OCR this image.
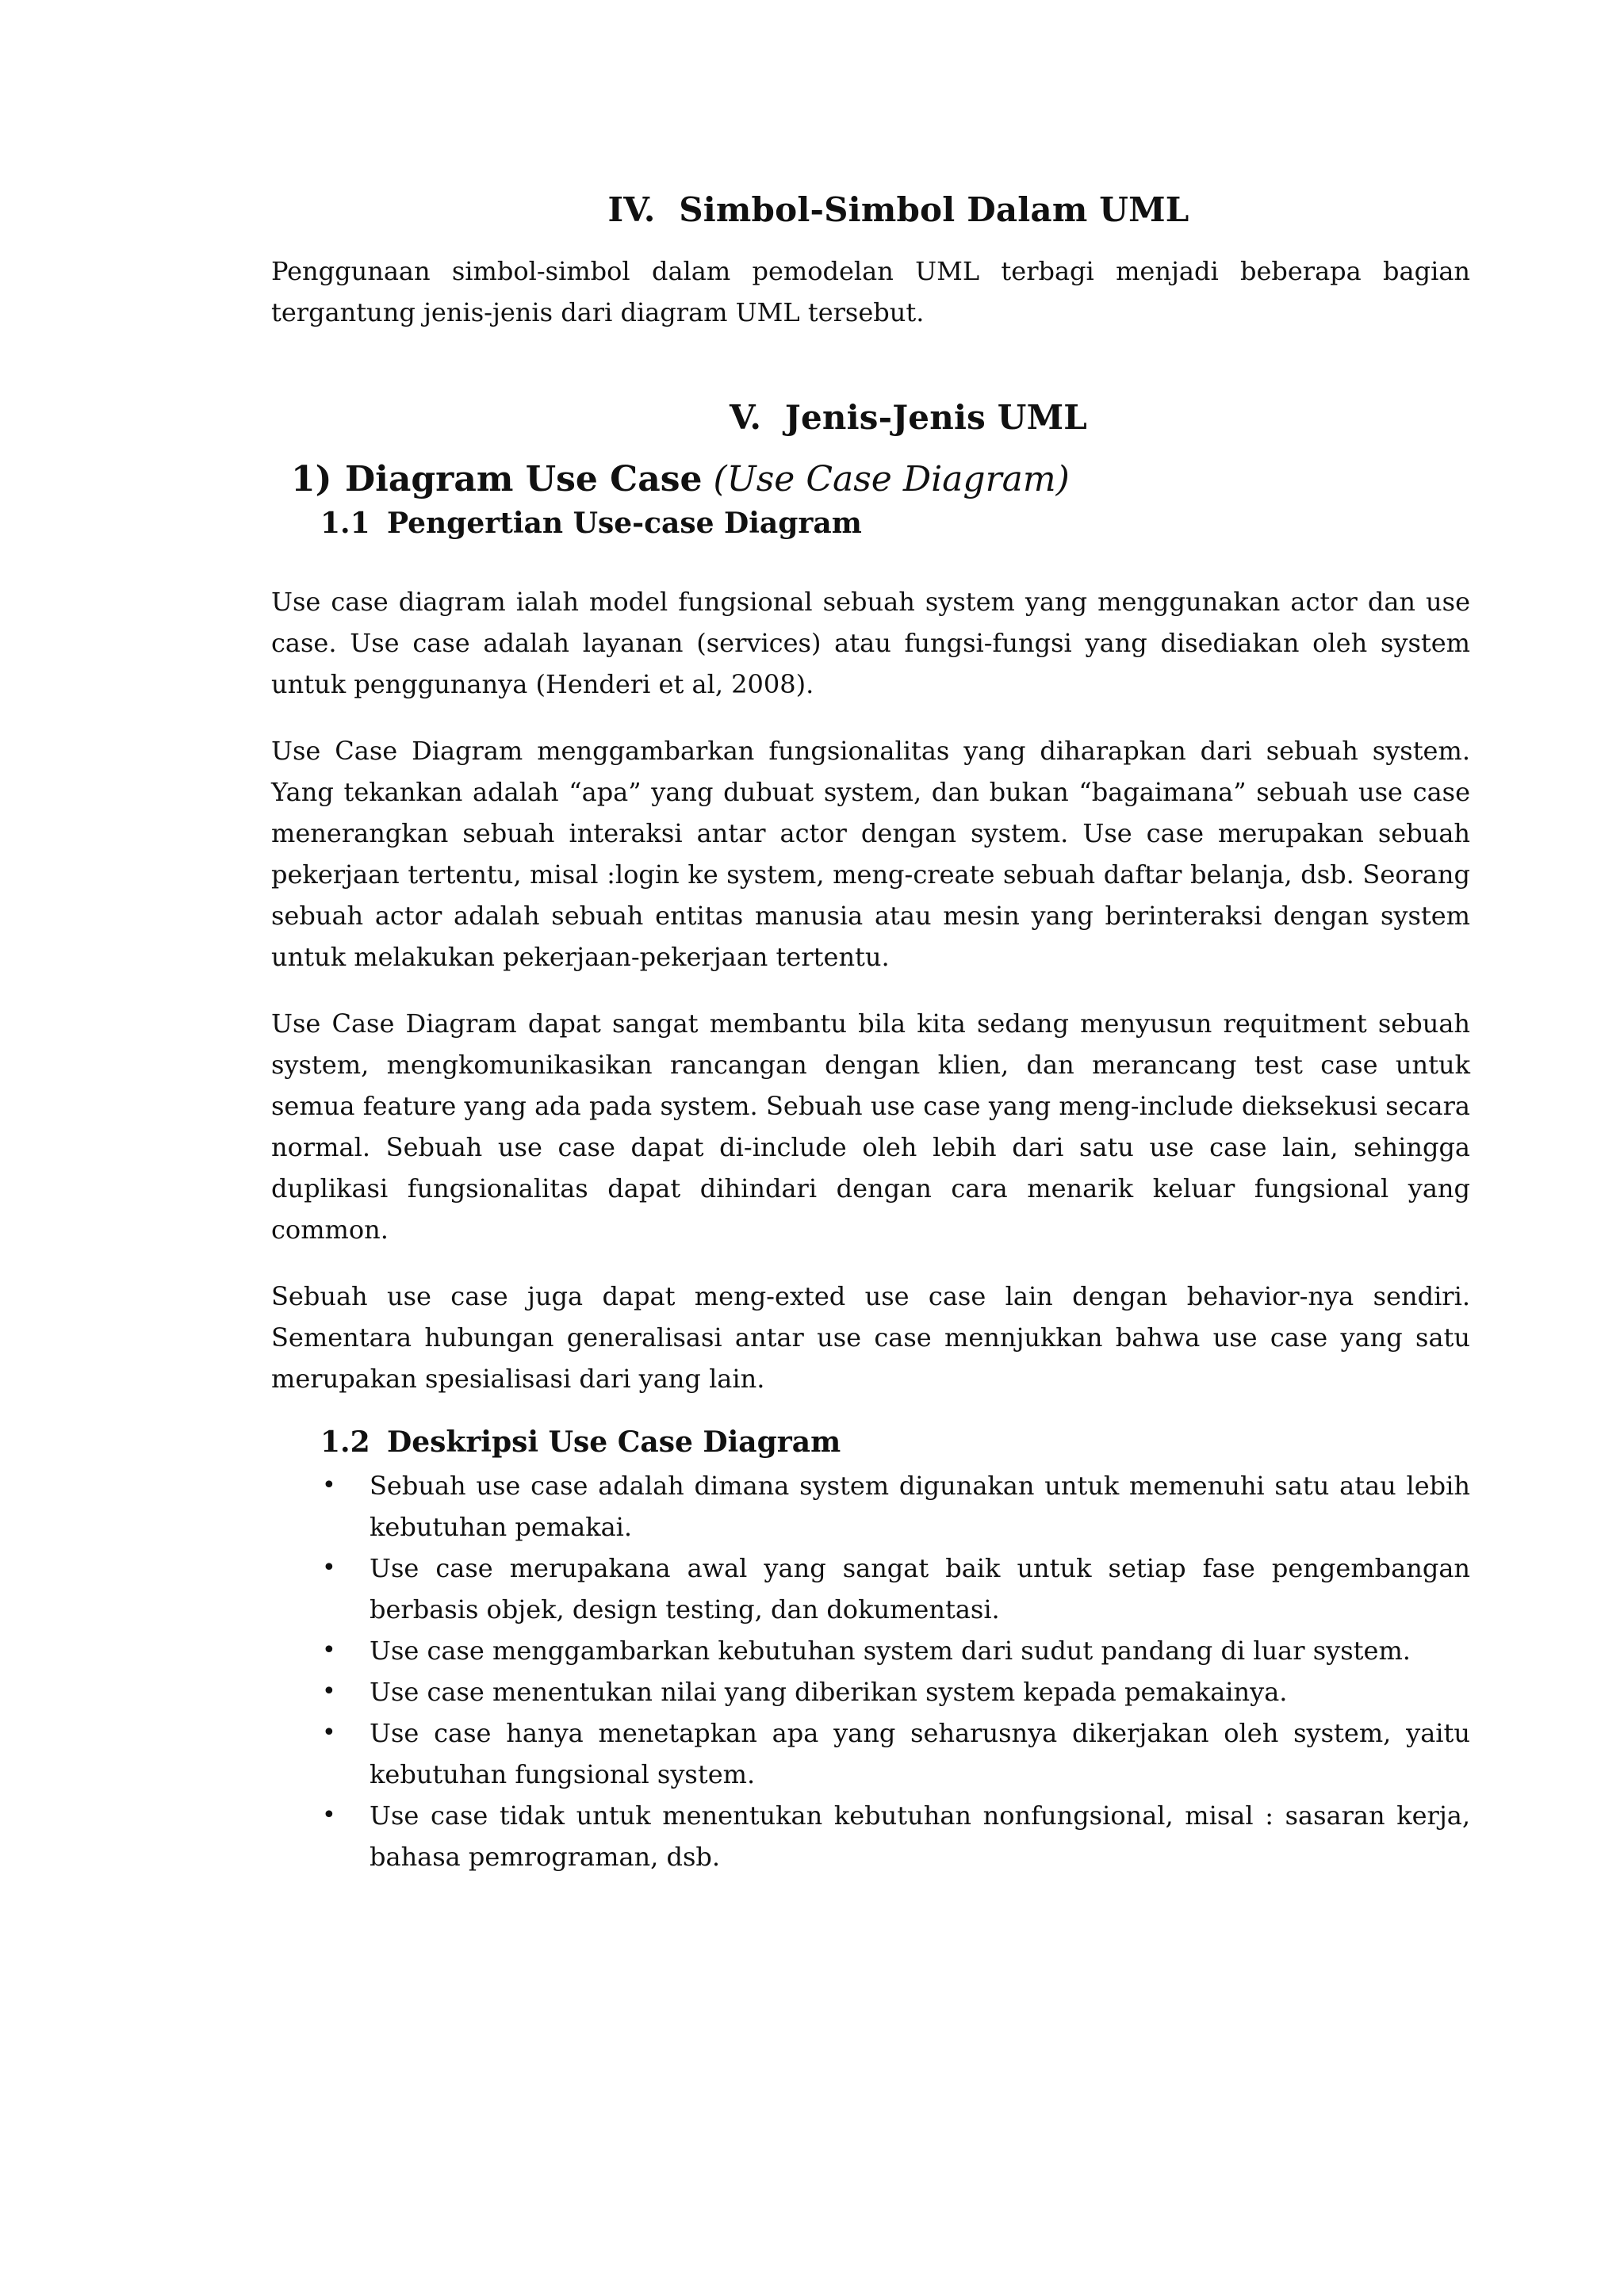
IV. Simbol-Simbol Dalam UML

Penggunaan simbol-simbol dalam pemodelan UML terbagi menjadi beberapa bagian tergantung jenis-jenis dari diagram UML tersebut.

V. Jenis-Jenis UML
1) Diagram Use Case (Use Case Diagram)
1.1 Pengertian Use-case Diagram

Use case diagram ialah model fungsional sebuah system yang menggunakan actor dan use case. Use case adalah layanan (services) atau fungsi-fungsi yang disediakan oleh system untuk penggunanya (Henderi et al, 2008).

Use Case Diagram menggambarkan fungsionalitas yang diharapkan dari sebuah system. Yang tekankan adalah “apa” yang dubuat system, dan bukan “bagaimana” sebuah use case menerangkan sebuah interaksi antar actor dengan system. Use case merupakan sebuah pekerjaan tertentu, misal :login ke system, meng-create sebuah daftar belanja, dsb. Seorang sebuah actor adalah sebuah entitas manusia atau mesin yang berinteraksi dengan system untuk melakukan pekerjaan-pekerjaan tertentu.

Use Case Diagram dapat sangat membantu bila kita sedang menyusun requitment sebuah system, mengkomunikasikan rancangan dengan klien, dan merancang test case untuk semua feature yang ada pada system. Sebuah use case yang meng-include dieksekusi secara normal. Sebuah use case dapat di-include oleh lebih dari satu use case lain, sehingga duplikasi fungsionalitas dapat dihindari dengan cara menarik keluar fungsional yang common.

Sebuah use case juga dapat meng-exted use case lain dengan behavior-nya sendiri. Sementara hubungan generalisasi antar use case mennjukkan bahwa use case yang satu merupakan spesialisasi dari yang lain.

1.2 Deskripsi Use Case Diagram
• Sebuah use case adalah dimana system digunakan untuk memenuhi satu atau lebih kebutuhan pemakai.
• Use case merupakana awal yang sangat baik untuk setiap fase pengembangan berbasis objek, design testing, dan dokumentasi.
• Use case menggambarkan kebutuhan system dari sudut pandang di luar system.
• Use case menentukan nilai yang diberikan system kepada pemakainya.
• Use case hanya menetapkan apa yang seharusnya dikerjakan oleh system, yaitu kebutuhan fungsional system.
• Use case tidak untuk menentukan kebutuhan nonfungsional, misal : sasaran kerja, bahasa pemrograman, dsb.
